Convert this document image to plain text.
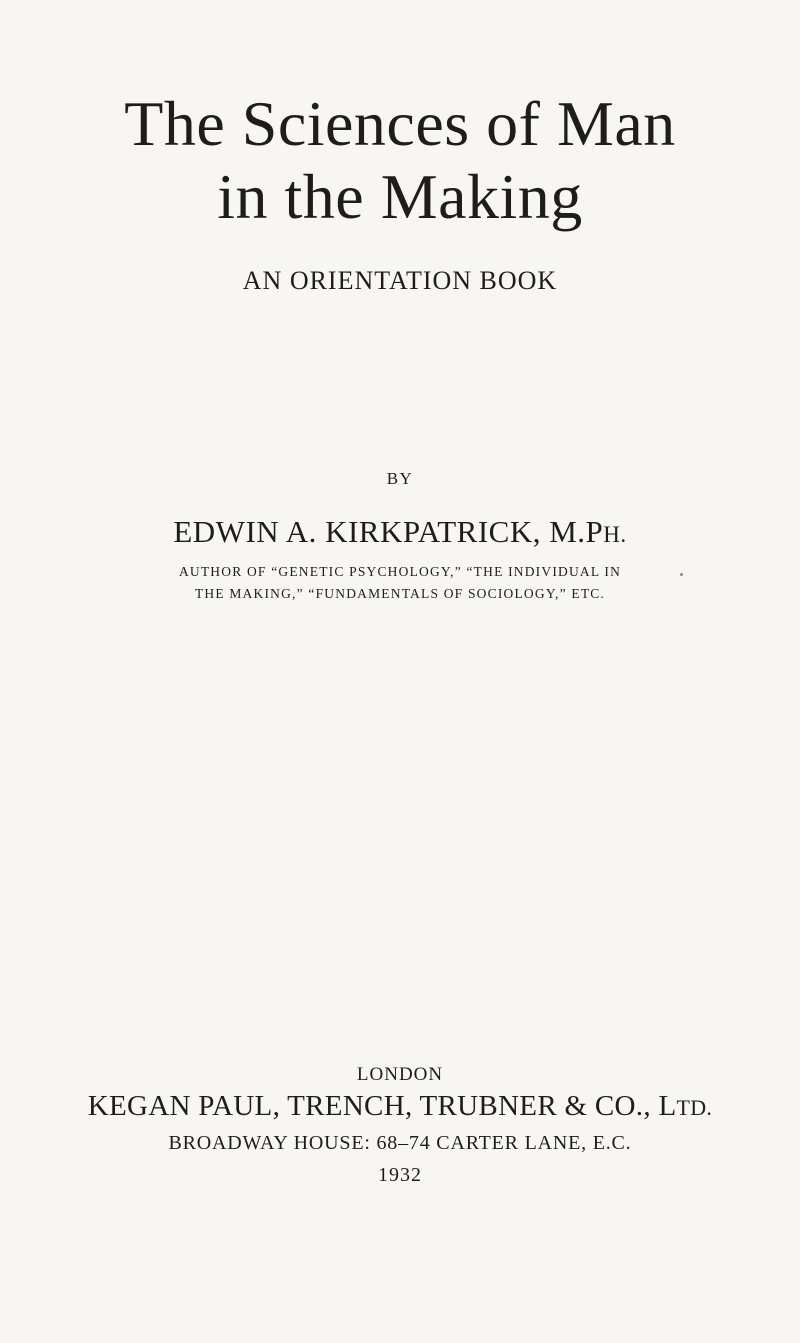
The Sciences of Man
in the Making
AN ORIENTATION BOOK
BY
EDWIN A. KIRKPATRICK, M.PH.
AUTHOR OF “GENETIC PSYCHOLOGY,” “THE INDIVIDUAL IN
THE MAKING,” “FUNDAMENTALS OF SOCIOLOGY,” ETC.
LONDON
KEGAN PAUL, TRENCH, TRUBNER & CO., LTD.
BROADWAY HOUSE: 68–74 CARTER LANE, E.C.
1932
